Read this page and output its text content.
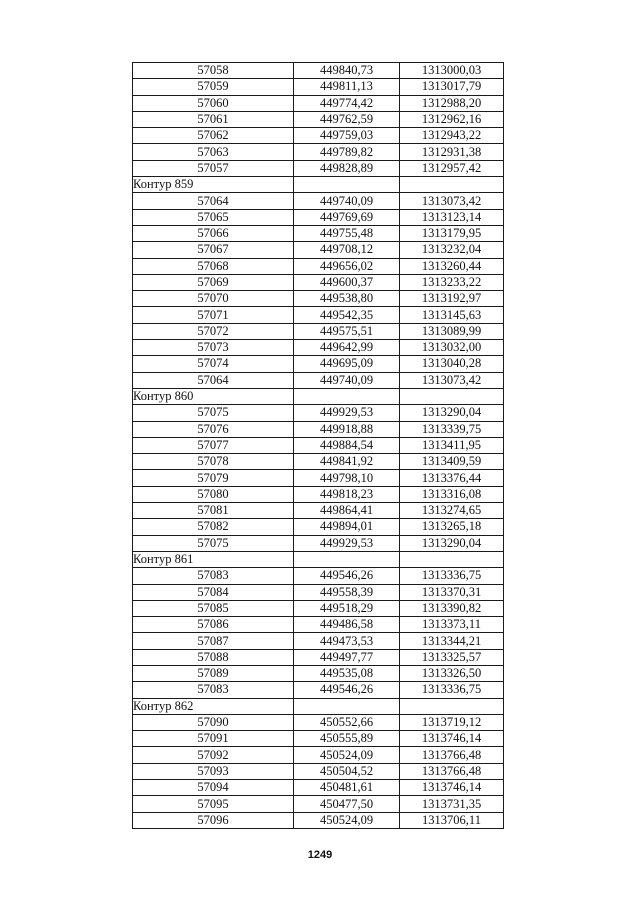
57058	449840,73	1313000,03
57059	449811,13	1313017,79
57060	449774,42	1312988,20
57061	449762,59	1312962,16
57062	449759,03	1312943,22
57063	449789,82	1312931,38
57057	449828,89	1312957,42
Контур 859		
57064	449740,09	1313073,42
57065	449769,69	1313123,14
57066	449755,48	1313179,95
57067	449708,12	1313232,04
57068	449656,02	1313260,44
57069	449600,37	1313233,22
57070	449538,80	1313192,97
57071	449542,35	1313145,63
57072	449575,51	1313089,99
57073	449642,99	1313032,00
57074	449695,09	1313040,28
57064	449740,09	1313073,42
Контур 860		
57075	449929,53	1313290,04
57076	449918,88	1313339,75
57077	449884,54	1313411,95
57078	449841,92	1313409,59
57079	449798,10	1313376,44
57080	449818,23	1313316,08
57081	449864,41	1313274,65
57082	449894,01	1313265,18
57075	449929,53	1313290,04
Контур 861		
57083	449546,26	1313336,75
57084	449558,39	1313370,31
57085	449518,29	1313390,82
57086	449486,58	1313373,11
57087	449473,53	1313344,21
57088	449497,77	1313325,57
57089	449535,08	1313326,50
57083	449546,26	1313336,75
Контур 862		
57090	450552,66	1313719,12
57091	450555,89	1313746,14
57092	450524,09	1313766,48
57093	450504,52	1313766,48
57094	450481,61	1313746,14
57095	450477,50	1313731,35
57096	450524,09	1313706,11
1249
